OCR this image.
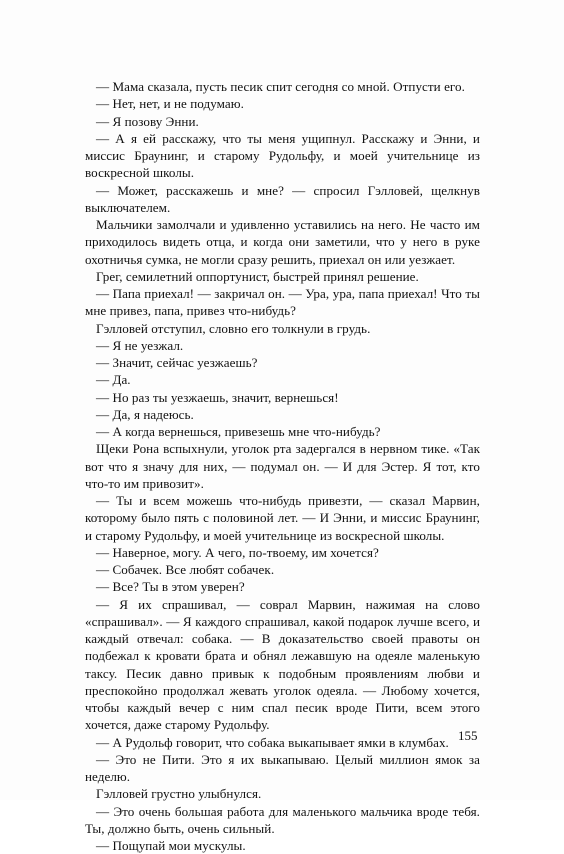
— Мама сказала, пусть песик спит сегодня со мной. Отпусти его.

— Нет, нет, и не подумаю.

— Я позову Энни.

— А я ей расскажу, что ты меня ущипнул. Расскажу и Энни, и миссис Браунинг, и старому Рудольфу, и моей учительнице из воскресной школы.

— Может, расскажешь и мне? — спросил Гэлловей, щелкнув выключателем.

Мальчики замолчали и удивленно уставились на него. Не часто им приходилось видеть отца, и когда они заметили, что у него в руке охотничья сумка, не могли сразу решить, приехал он или уезжает.

Грег, семилетний оппортунист, быстрей принял решение.

— Папа приехал! — закричал он. — Ура, ура, папа приехал! Что ты мне привез, папа, привез что-нибудь?

Гэлловей отступил, словно его толкнули в грудь.

— Я не уезжал.

— Значит, сейчас уезжаешь?

— Да.

— Но раз ты уезжаешь, значит, вернешься!

— Да, я надеюсь.

— А когда вернешься, привезешь мне что-нибудь?

Щеки Рона вспыхнули, уголок рта задергался в нервном тике. «Так вот что я значу для них, — подумал он. — И для Эстер. Я тот, кто что-то им привозит».

— Ты и всем можешь что-нибудь привезти, — сказал Марвин, которому было пять с половиной лет. — И Энни, и миссис Браунинг, и старому Рудольфу, и моей учительнице из воскресной школы.

— Наверное, могу. А чего, по-твоему, им хочется?

— Собачек. Все любят собачек.

— Все? Ты в этом уверен?

— Я их спрашивал, — соврал Марвин, нажимая на слово «спрашивал». — Я каждого спрашивал, какой подарок лучше всего, и каждый отвечал: собака. — В доказательство своей правоты он подбежал к кровати брата и обнял лежавшую на одеяле маленькую таксу. Песик давно привык к подобным проявлениям любви и преспокойно продолжал жевать уголок одеяла. — Любому хочется, чтобы каждый вечер с ним спал песик вроде Пити, всем этого хочется, даже старому Рудольфу.

— А Рудольф говорит, что собака выкапывает ямки в клумбах.

— Это не Пити. Это я их выкапываю. Целый миллион ямок за неделю.

Гэлловей грустно улыбнулся.

— Это очень большая работа для маленького мальчика вроде тебя. Ты, должно быть, очень сильный.

— Пощупай мои мускулы.

155
